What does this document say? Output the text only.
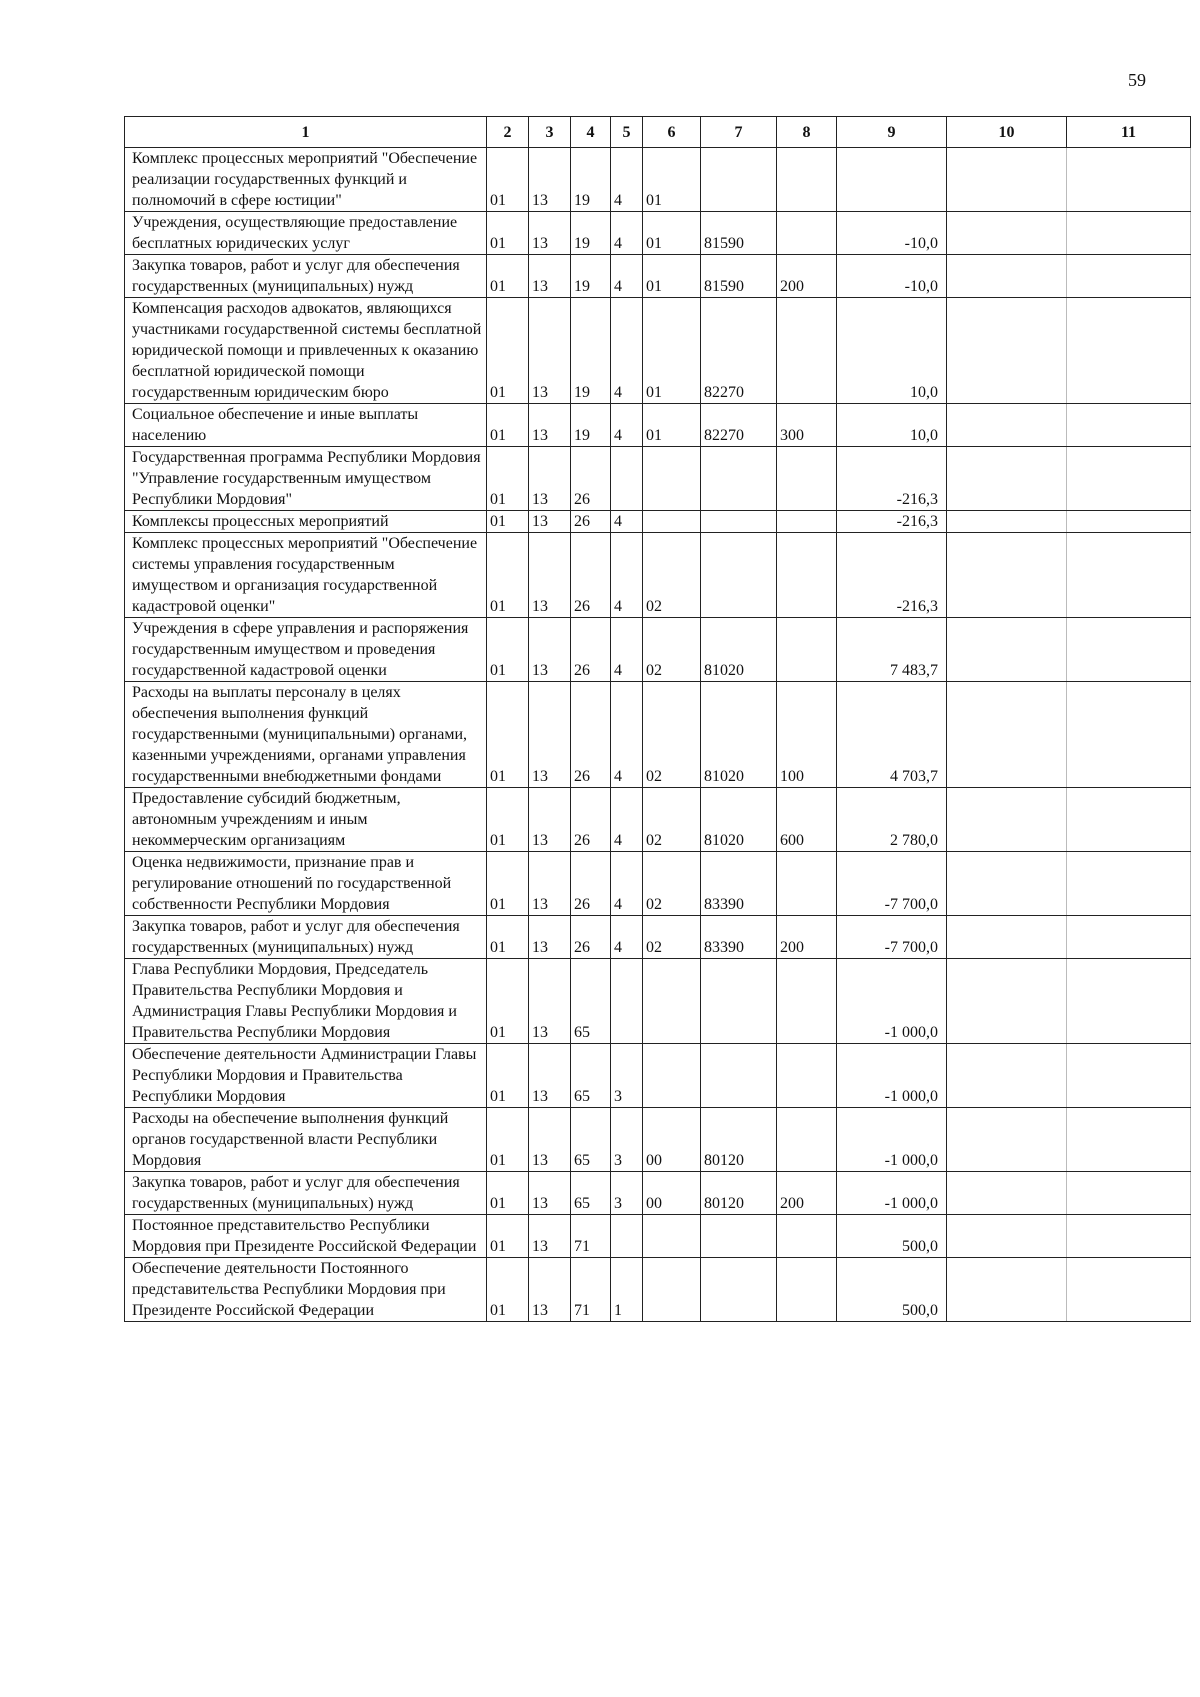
59
1	2	3	4	5	6	7	8	9	10	11
Комплекс процессных мероприятий "Обеспечение реализации государственных функций и полномочий в сфере юстиции"	01	13	19	4	01					
Учреждения, осуществляющие предоставление бесплатных юридических услуг	01	13	19	4	01	81590		-10,0		
Закупка товаров, работ и услуг для обеспечения государственных (муниципальных) нужд	01	13	19	4	01	81590	200	-10,0		
Компенсация расходов адвокатов, являющихся участниками государственной системы бесплатной юридической помощи и привлеченных к оказанию бесплатной юридической помощи государственным юридическим бюро	01	13	19	4	01	82270		10,0		
Социальное обеспечение и иные выплаты населению	01	13	19	4	01	82270	300	10,0		
Государственная программа Республики Мордовия "Управление государственным имуществом Республики Мордовия"	01	13	26					-216,3		
Комплексы процессных мероприятий	01	13	26	4				-216,3		
Комплекс процессных мероприятий "Обеспечение системы управления государственным имуществом и организация государственной кадастровой оценки"	01	13	26	4	02			-216,3		
Учреждения в сфере управления и распоряжения государственным имуществом и проведения государственной кадастровой оценки	01	13	26	4	02	81020		7 483,7		
Расходы на выплаты персоналу в целях обеспечения выполнения функций государственными (муниципальными) органами, казенными учреждениями, органами управления государственными внебюджетными фондами	01	13	26	4	02	81020	100	4 703,7		
Предоставление субсидий бюджетным, автономным учреждениям и иным некоммерческим организациям	01	13	26	4	02	81020	600	2 780,0		
Оценка недвижимости, признание прав и регулирование отношений по государственной собственности Республики Мордовия	01	13	26	4	02	83390		-7 700,0		
Закупка товаров, работ и услуг для обеспечения государственных (муниципальных) нужд	01	13	26	4	02	83390	200	-7 700,0		
Глава Республики Мордовия, Председатель Правительства Республики Мордовия и Администрация Главы Республики Мордовия и Правительства Республики Мордовия	01	13	65					-1 000,0		
Обеспечение деятельности Администрации Главы Республики Мордовия и Правительства Республики Мордовия	01	13	65	3				-1 000,0		
Расходы на обеспечение выполнения функций органов государственной власти Республики Мордовия	01	13	65	3	00	80120		-1 000,0		
Закупка товаров, работ и услуг для обеспечения государственных (муниципальных) нужд	01	13	65	3	00	80120	200	-1 000,0		
Постоянное представительство Республики Мордовия при Президенте Российской Федерации	01	13	71					500,0		
Обеспечение деятельности Постоянного представительства Республики Мордовия при Президенте Российской Федерации	01	13	71	1				500,0		
